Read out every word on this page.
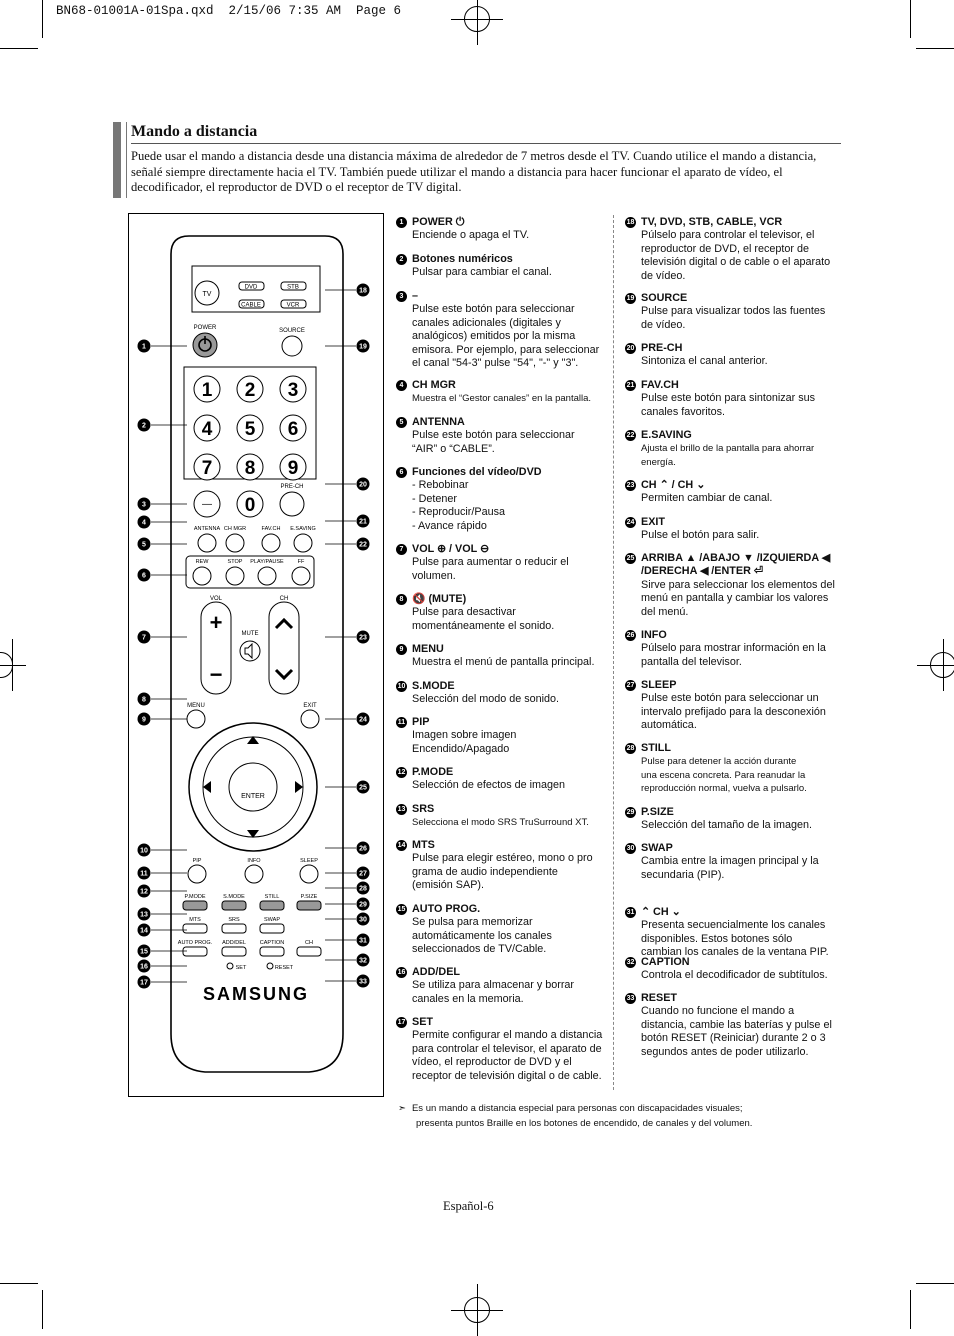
BN68-01001A-01Spa.qxd  2/15/06 7:35 AM  Page 6
Mando a distancia
Puede usar el mando a distancia desde una distancia máxima de alrededor de 7 metros desde el TV. Cuando utilice el mando a distancia, señalé siempre directamente hacia el TV. También puede utilizar el mando a distancia para hacer funcionar el aparato de vídeo, el decodificador, el reproductor de DVD o el receptor de TV digital.
TV
DVD	STB
CABLE	VCR
POWER	SOURCE
1 2 3
4 5 6
7 8 9
— 0
PRE-CH
ANTENNA CH MGR	FAV.CH E.SAVING
REW	STOP PLAY/PAUSE	FF
VOL
+
−
CH
MUTE
MENU	EXIT
ENTER
PIP	INFO	SLEEP
P.MODE	S.MODE	STILL	P.SIZE
MTS	SRS	SWAP
AUTO PROG. ADD/DEL	CAPTION	CH
SET	RESET
SAMSUNG
1
2
3
4
5
6
7
8
9
10
11
12
13
14
15
16
17
18
19
20
21
22
23
24
25
26
27
28
29
30
31
32
33
1 POWER ⏻
Enciende o apaga el TV.
2 Botones numéricos
Pulsar para cambiar el canal.
3 –
Pulse este botón para seleccionar
canales adicionales (digitales y
analógicos) emitidos por la misma
emisora. Por ejemplo, para seleccionar
el canal "54-3" pulse "54", "-" y "3".
4 CH MGR
Muestra el “Gestor canales” en la pantalla.
5 ANTENNA
Pulse este botón para seleccionar
“AIR” o “CABLE”.
6 Funciones del vídeo/DVD
- Rebobinar
- Detener
- Reproducir/Pausa
- Avance rápido
7 VOL ⊕ / VOL ⊖
Pulse para aumentar o reducir el
volumen.
8 🔇 (MUTE)
Pulse para desactivar
momentáneamente el sonido.
9 MENU
Muestra el menú de pantalla principal.
10 S.MODE
Selección del modo de sonido.
11 PIP
Imagen sobre imagen
Encendido/Apagado
12 P.MODE
Selección de efectos de imagen
13 SRS
Selecciona el modo SRS TruSurround XT.
14 MTS
Pulse para elegir estéreo, mono o pro
grama de audio independiente
(emisión SAP).
15 AUTO PROG.
Se pulsa para memorizar
automáticamente los canales
seleccionados de TV/Cable.
16 ADD/DEL
Se utiliza para almacenar y borrar
canales en la memoria.
17 SET
Permite configurar el mando a distancia
para controlar el televisor, el aparato de
vídeo, el reproductor de DVD y el
receptor de televisión digital o de cable.
18 TV, DVD, STB, CABLE, VCR
Púlselo para controlar el televisor, el
reproductor de DVD, el receptor de
televisión digital o de cable o el aparato
de vídeo.
19 SOURCE
Pulse para visualizar todos las fuentes
de vídeo.
20 PRE-CH
Sintoniza el canal anterior.
21 FAV.CH
Pulse este botón para sintonizar sus
canales favoritos.
22 E.SAVING
Ajusta el brillo de la pantalla para ahorrar
energía.
23 CH ⌃ / CH ⌄
Permiten cambiar de canal.
24 EXIT
Pulse el botón para salir.
25 ARRIBA ▲ /ABAJO ▼ /IZQUIERDA ◀
/DERECHA ◀ /ENTER ⏎
Sirve para seleccionar los elementos del
menú en pantalla y cambiar los valores
del menú.
26 INFO
Púlselo para mostrar información en la
pantalla del televisor.
27 SLEEP
Pulse este botón para seleccionar un
intervalo prefijado para la desconexión
automática.
28 STILL
Pulse para detener la acción durante
una escena concreta. Para reanudar la
reproducción normal, vuelva a pulsarlo.
29 P.SIZE
Selección del tamaño de la imagen.
30 SWAP
Cambia entre la imagen principal y la
secundaria (PIP).
31 ⌃ CH ⌄
Presenta secuencialmente los canales
disponibles. Estos botones sólo
cambian los canales de la ventana PIP.
32 CAPTION
Controla el decodificador de subtítulos.
33 RESET
Cuando no funcione el mando a
distancia, cambie las baterías y pulse el
botón RESET (Reiniciar) durante 2 o 3
segundos antes de poder utilizarlo.
➣ Es un mando a distancia especial para personas con discapacidades visuales;
presenta puntos Braille en los botones de encendido, de canales y del volumen.
Español-6
